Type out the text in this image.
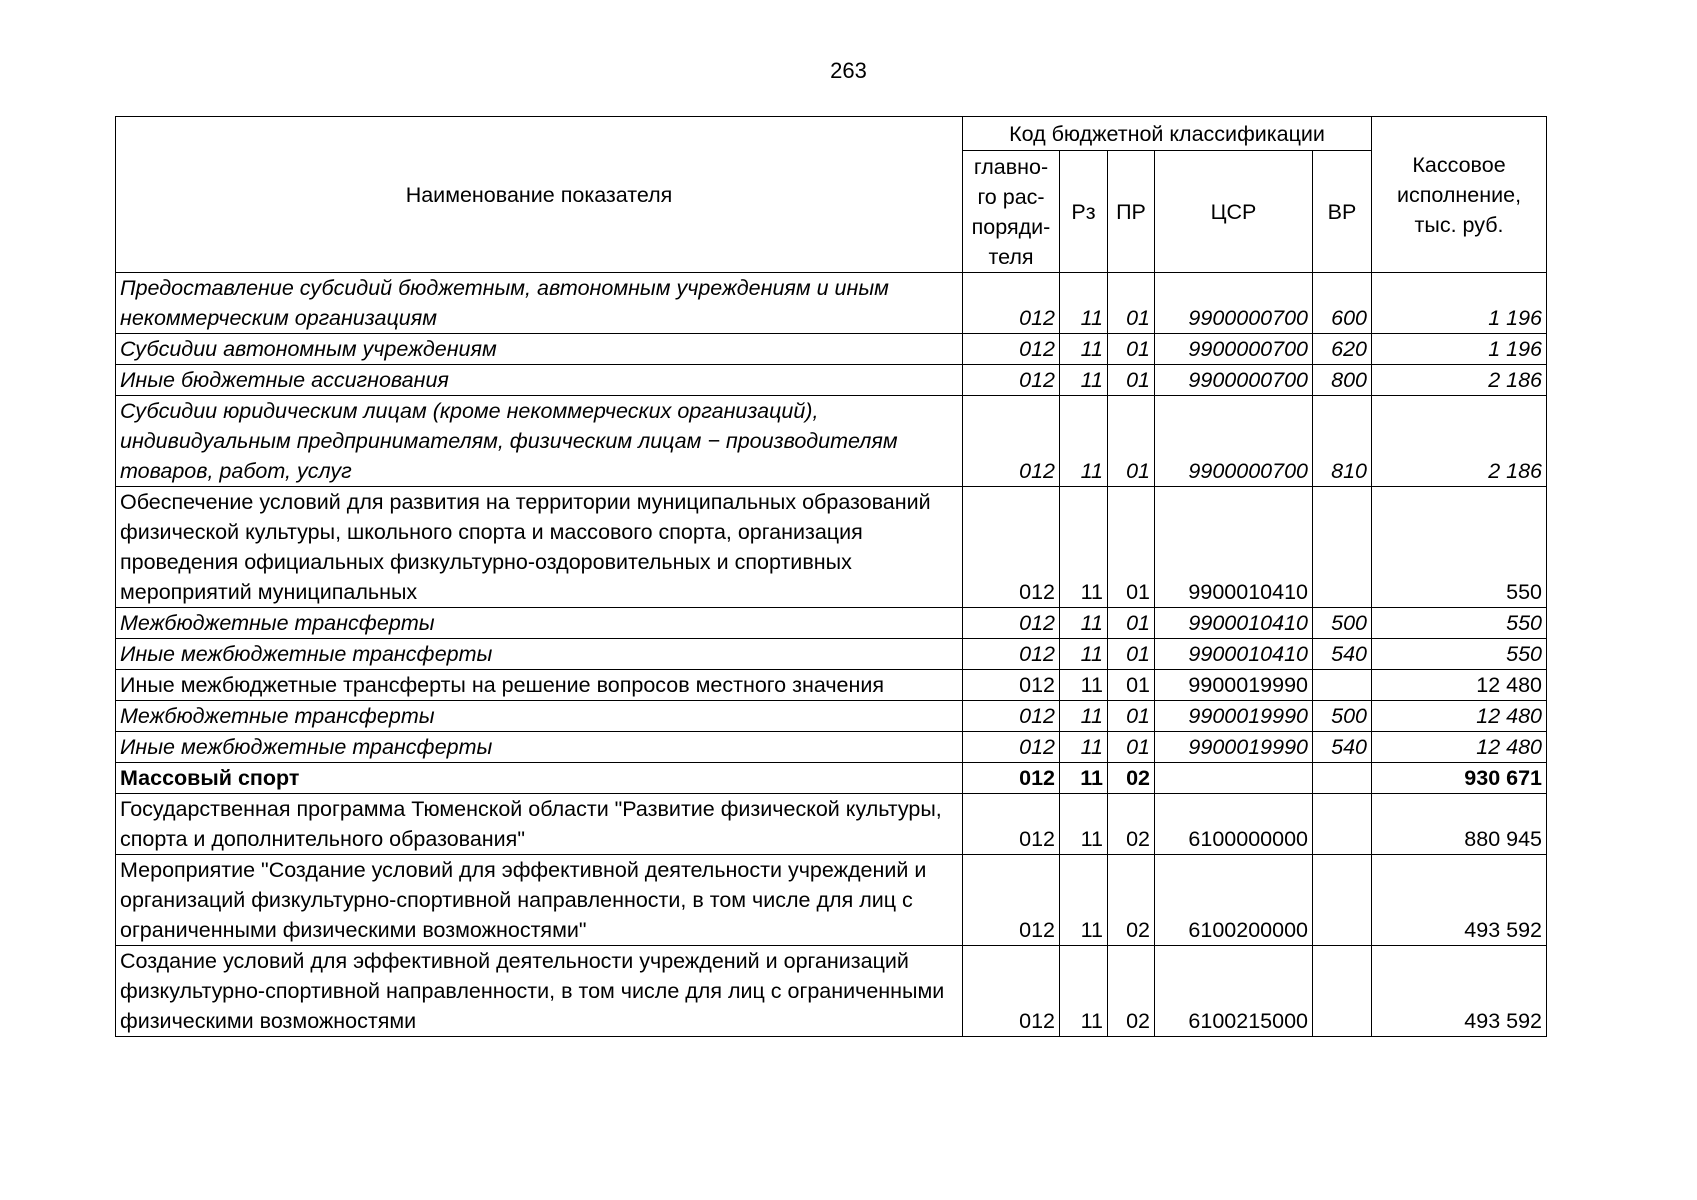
263
Наименование показателя	Код бюджетной классификации					Кассовое исполнение, тыс. руб.
	главно-го рас-поряди-теля	Рз	ПР	ЦСР	ВР	
Предоставление субсидий бюджетным, автономным учреждениям и иным некоммерческим организациям	012	11	01	9900000700	600	1 196
Субсидии автономным учреждениям	012	11	01	9900000700	620	1 196
Иные бюджетные ассигнования	012	11	01	9900000700	800	2 186
Субсидии юридическим лицам (кроме некоммерческих организаций), индивидуальным предпринимателям, физическим лицам − производителям товаров, работ, услуг	012	11	01	9900000700	810	2 186
Обеспечение условий для развития на территории муниципальных образований физической культуры, школьного спорта и массового спорта, организация проведения официальных физкультурно-оздоровительных и спортивных мероприятий муниципальных	012	11	01	9900010410		550
Межбюджетные трансферты	012	11	01	9900010410	500	550
Иные межбюджетные трансферты	012	11	01	9900010410	540	550
Иные межбюджетные трансферты на решение вопросов местного значения	012	11	01	9900019990		12 480
Межбюджетные трансферты	012	11	01	9900019990	500	12 480
Иные межбюджетные трансферты	012	11	01	9900019990	540	12 480
Массовый спорт	012	11	02			930 671
Государственная программа Тюменской области "Развитие физической культуры, спорта и дополнительного образования"	012	11	02	6100000000		880 945
Мероприятие "Создание условий для эффективной деятельности учреждений и организаций физкультурно-спортивной направленности, в том числе для лиц с ограниченными физическими возможностями"	012	11	02	6100200000		493 592
Создание условий для эффективной деятельности учреждений и организаций физкультурно-спортивной направленности, в том числе для лиц с ограниченными физическими возможностями	012	11	02	6100215000		493 592
